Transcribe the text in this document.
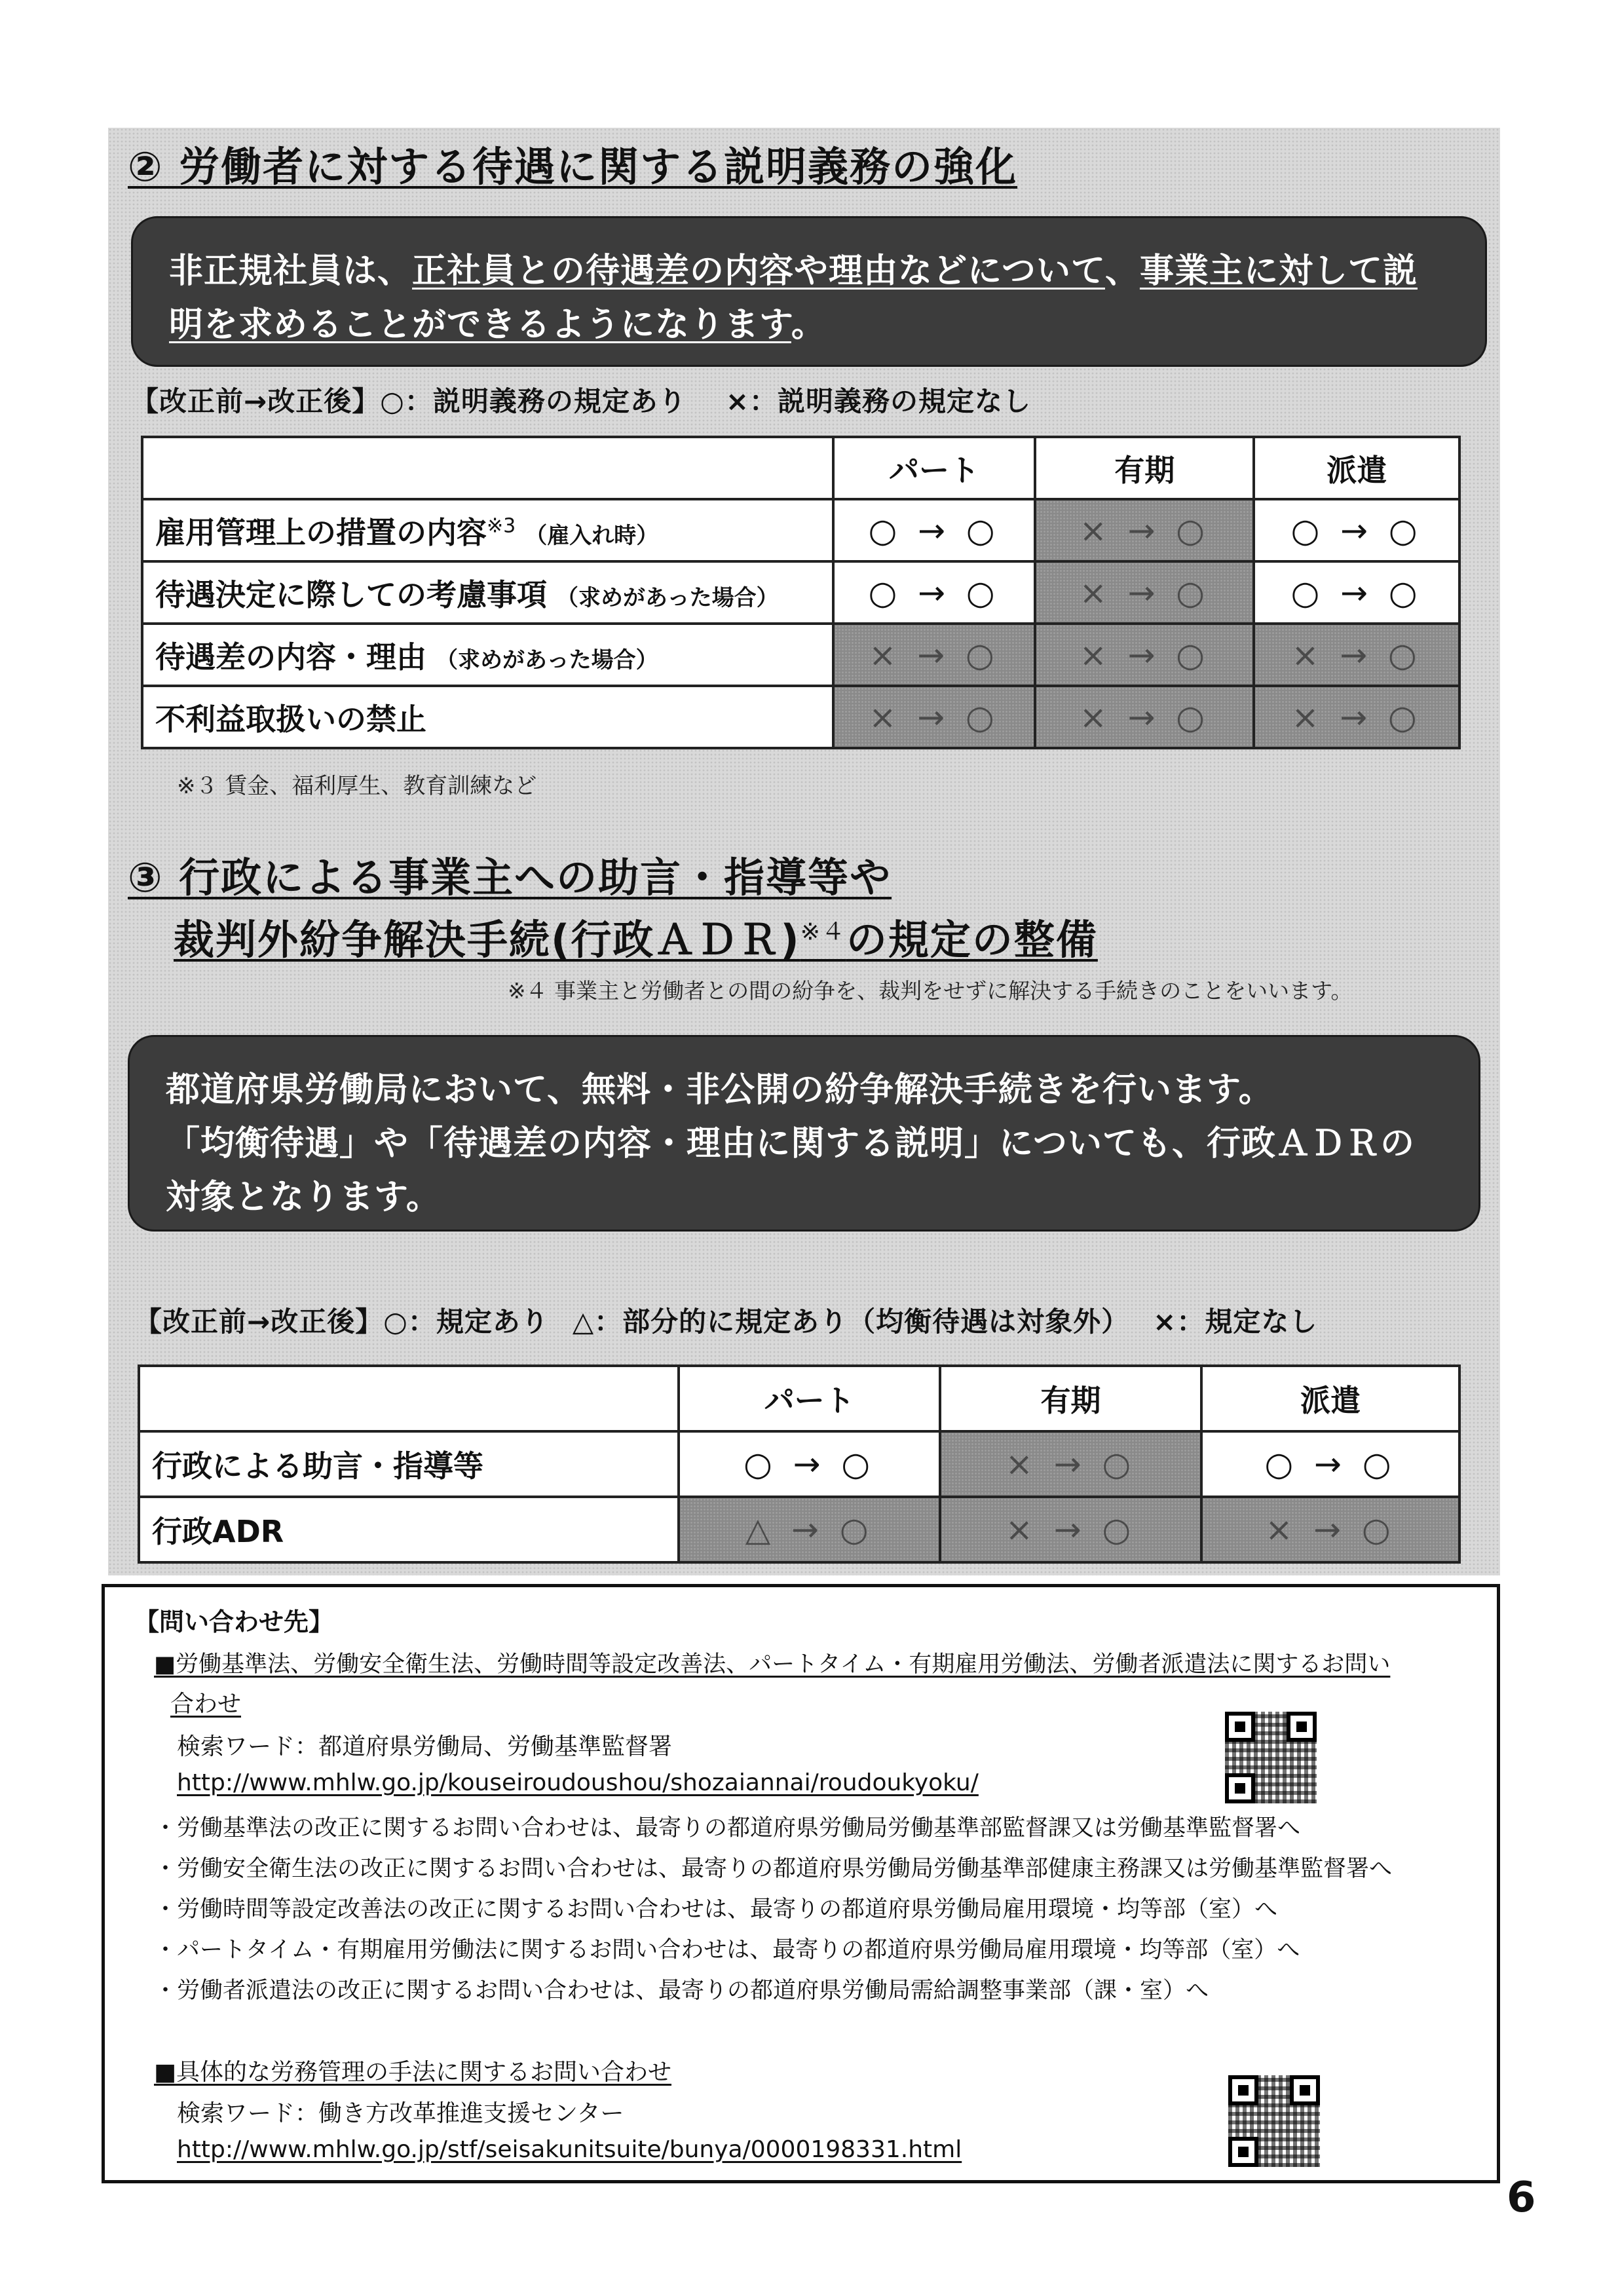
② 労働者に対する待遇に関する説明義務の強化
非正規社員は、正社員との待遇差の内容や理由などについて、事業主に対して説
明を求めることができるようになります。
【改正前→改正後】○：説明義務の規定あり ×：説明義務の規定なし
	パート	有期	派遣
雇用管理上の措置の内容$^{※3}$ （雇入れ時）	○ → ○	× → ○	○ → ○
待遇決定に際しての考慮事項 （求めがあった場合）	○ → ○	× → ○	○ → ○
待遇差の内容・理由 （求めがあった場合）	× → ○	× → ○	× → ○
不利益取扱いの禁止	× → ○	× → ○	× → ○
※３ 賃金、福利厚生、教育訓練など
③ 行政による事業主への助言・指導等や
裁判外紛争解決手続(行政ＡＤＲ)$^{※4}$の規定の整備
※４ 事業主と労働者との間の紛争を、裁判をせずに解決する手続きのことをいいます。
都道府県労働局において、無料・非公開の紛争解決手続きを行います。
「均衡待遇」や「待遇差の内容・理由に関する説明」についても、行政ＡＤＲの
対象となります。
【改正前→改正後】○：規定あり △：部分的に規定あり（均衡待遇は対象外） ×：規定なし
	パート	有期	派遣
行政による助言・指導等	○ → ○	× → ○	○ → ○
行政ADR	△ → ○	× → ○	× → ○
【問い合わせ先】
■労働基準法、労働安全衛生法、労働時間等設定改善法、パートタイム・有期雇用労働法、労働者派遣法に関するお問い
合わせ
検索ワード：都道府県労働局、労働基準監督署
http://www.mhlw.go.jp/kouseiroudoushou/shozaiannai/roudoukyoku/
・労働基準法の改正に関するお問い合わせは、最寄りの都道府県労働局労働基準部監督課又は労働基準監督署へ
・労働安全衛生法の改正に関するお問い合わせは、最寄りの都道府県労働局労働基準部健康主務課又は労働基準監督署へ
・労働時間等設定改善法の改正に関するお問い合わせは、最寄りの都道府県労働局雇用環境・均等部（室）へ
・パートタイム・有期雇用労働法に関するお問い合わせは、最寄りの都道府県労働局雇用環境・均等部（室）へ
・労働者派遣法の改正に関するお問い合わせは、最寄りの都道府県労働局需給調整事業部（課・室）へ
■具体的な労務管理の手法に関するお問い合わせ
検索ワード：働き方改革推進支援センター
http://www.mhlw.go.jp/stf/seisakunitsuite/bunya/0000198331.html
6
